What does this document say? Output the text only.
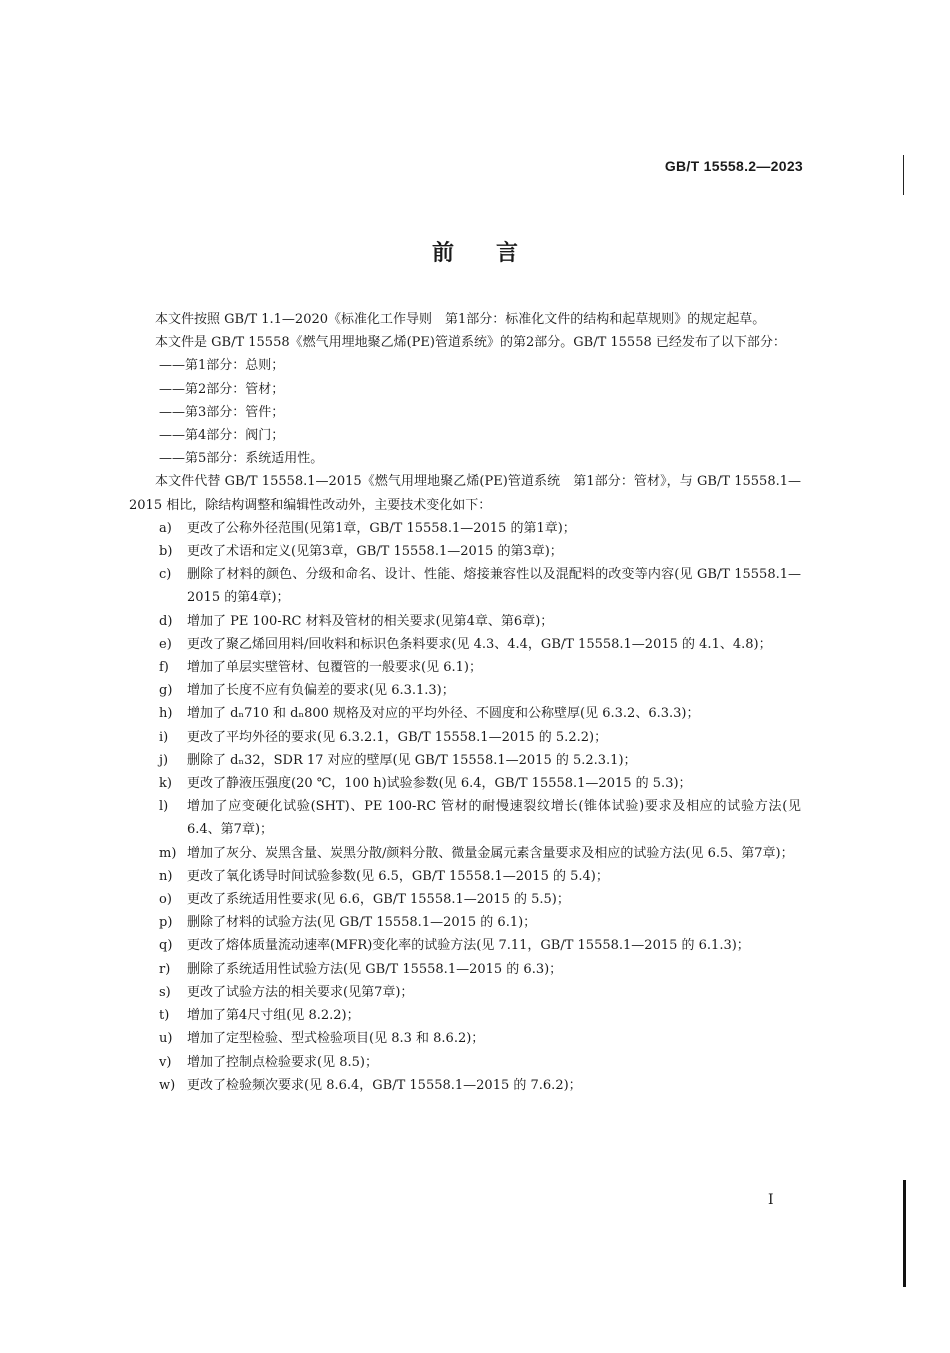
GB/T 15558.2—2023
前言

本文件按照 GB/T 1.1—2020《标准化工作导则　第1部分：标准化文件的结构和起草规则》的规定起草。

本文件是 GB/T 15558《燃气用埋地聚乙烯(PE)管道系统》的第2部分。GB/T 15558 已经发布了以下部分：

——第1部分：总则；

——第2部分：管材；

——第3部分：管件；

——第4部分：阀门；

——第5部分：系统适用性。

本文件代替 GB/T 15558.1—2015《燃气用埋地聚乙烯(PE)管道系统　第1部分：管材》，与 GB/T 15558.1—2015 相比，除结构调整和编辑性改动外，主要技术变化如下：

a) 更改了公称外径范围(见第1章，GB/T 15558.1—2015 的第1章)；

b) 更改了术语和定义(见第3章，GB/T 15558.1—2015 的第3章)；

c) 删除了材料的颜色、分级和命名、设计、性能、熔接兼容性以及混配料的改变等内容(见 GB/T 15558.1—2015 的第4章)；

d) 增加了 PE 100-RC 材料及管材的相关要求(见第4章、第6章)；

e) 更改了聚乙烯回用料/回收料和标识色条料要求(见 4.3、4.4，GB/T 15558.1—2015 的 4.1、4.8)；

f) 增加了单层实壁管材、包覆管的一般要求(见 6.1)；

g) 增加了长度不应有负偏差的要求(见 6.3.1.3)；

h) 增加了 dₙ710 和 dₙ800 规格及对应的平均外径、不圆度和公称壁厚(见 6.3.2、6.3.3)；

i) 更改了平均外径的要求(见 6.3.2.1，GB/T 15558.1—2015 的 5.2.2)；

j) 删除了 dₙ32，SDR 17 对应的壁厚(见 GB/T 15558.1—2015 的 5.2.3.1)；

k) 更改了静液压强度(20 ℃，100 h)试验参数(见 6.4，GB/T 15558.1—2015 的 5.3)；

l) 增加了应变硬化试验(SHT)、PE 100-RC 管材的耐慢速裂纹增长(锥体试验)要求及相应的试验方法(见 6.4、第7章)；

m) 增加了灰分、炭黑含量、炭黑分散/颜料分散、微量金属元素含量要求及相应的试验方法(见 6.5、第7章)；

n) 更改了氧化诱导时间试验参数(见 6.5，GB/T 15558.1—2015 的 5.4)；

o) 更改了系统适用性要求(见 6.6，GB/T 15558.1—2015 的 5.5)；

p) 删除了材料的试验方法(见 GB/T 15558.1—2015 的 6.1)；

q) 更改了熔体质量流动速率(MFR)变化率的试验方法(见 7.11，GB/T 15558.1—2015 的 6.1.3)；

r) 删除了系统适用性试验方法(见 GB/T 15558.1—2015 的 6.3)；

s) 更改了试验方法的相关要求(见第7章)；

t) 增加了第4尺寸组(见 8.2.2)；

u) 增加了定型检验、型式检验项目(见 8.3 和 8.6.2)；

v) 增加了控制点检验要求(见 8.5)；

w) 更改了检验频次要求(见 8.6.4，GB/T 15558.1—2015 的 7.6.2)；

I
